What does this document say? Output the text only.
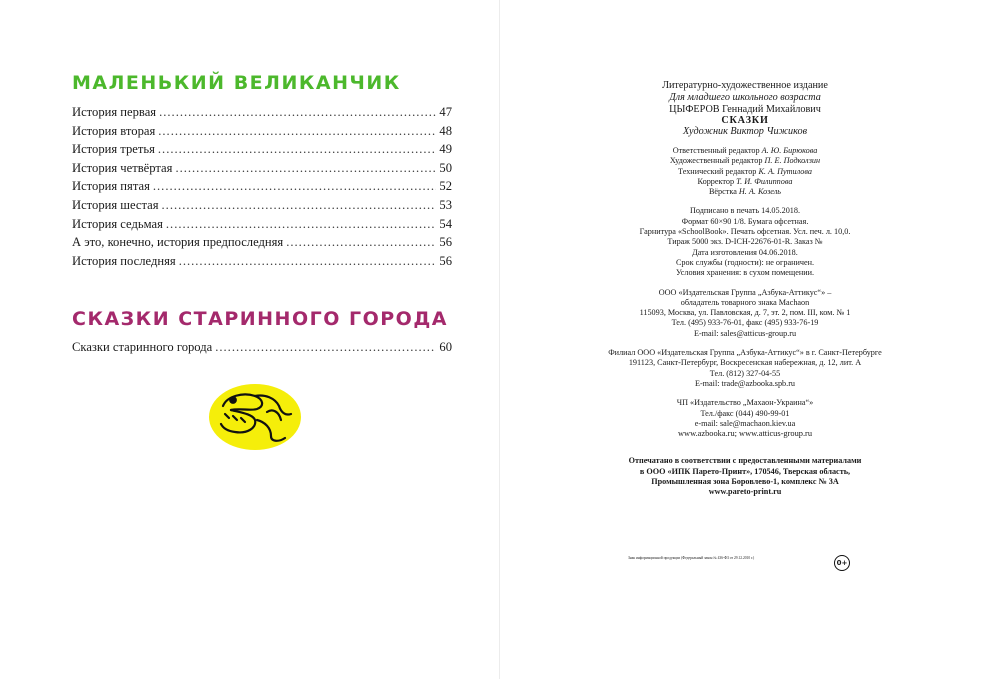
МАЛЕНЬКИЙ ВЕЛИКАНЧИК
История первая .....	47
История вторая .....	48
История третья .....	49
История четвёртая .....	50
История пятая .....	52
История шестая .....	53
История седьмая .....	54
А это, конечно, история предпоследняя .....	56
История последняя .....	56
СКАЗКИ СТАРИННОГО ГОРОДА
Сказки старинного города .....	60

Литературно-художественное издание

Для младшего школьного возраста

ЦЫФЕРОВ Геннадий Михайлович

СКАЗКИ

Художник Виктор Чижиков

Ответственный редактор А. Ю. Бирюкова

Художественный редактор П. Е. Подколзин

Технический редактор К. А. Путилова

Корректор Т. И. Филиппова

Вёрстка Н. А. Козель

Подписано в печать 14.05.2018.

Формат 60×90 1/8. Бумага офсетная.

Гарнитура «SchoolBook». Печать офсетная. Усл. печ. л. 10,0.

Тираж 5000 экз. D-ICH-22676-01-R. Заказ №

Дата изготовления 04.06.2018.

Срок службы (годности): не ограничен.

Условия хранения: в сухом помещении.

ООО «Издательская Группа „Азбука-Аттикус“» –

обладатель товарного знака Machaon

115093, Москва, ул. Павловская, д. 7, эт. 2, пом. III, ком. № 1

Тел. (495) 933-76-01, факс (495) 933-76-19

E-mail: sales@atticus-group.ru

Филиал ООО «Издательская Группа „Азбука-Аттикус“» в г. Санкт-Петербурге

191123, Санкт-Петербург, Воскресенская набережная, д. 12, лит. А

Тел. (812) 327-04-55

E-mail: trade@azbooka.spb.ru

ЧП «Издательство „Махаон-Украина“»

Тел./факс (044) 490-99-01

e-mail: sale@machaon.kiev.ua

www.azbooka.ru; www.atticus-group.ru

Отпечатано в соответствии с предоставленными материалами

в ООО «ИПК Парето-Принт», 170546, Тверская область,

Промышленная зона Боровлево-1, комплекс № 3А

www.pareto-print.ru

Знак информационной продукции (Федеральный закон № 436-ФЗ от 29.12.2010 г.)
0+
